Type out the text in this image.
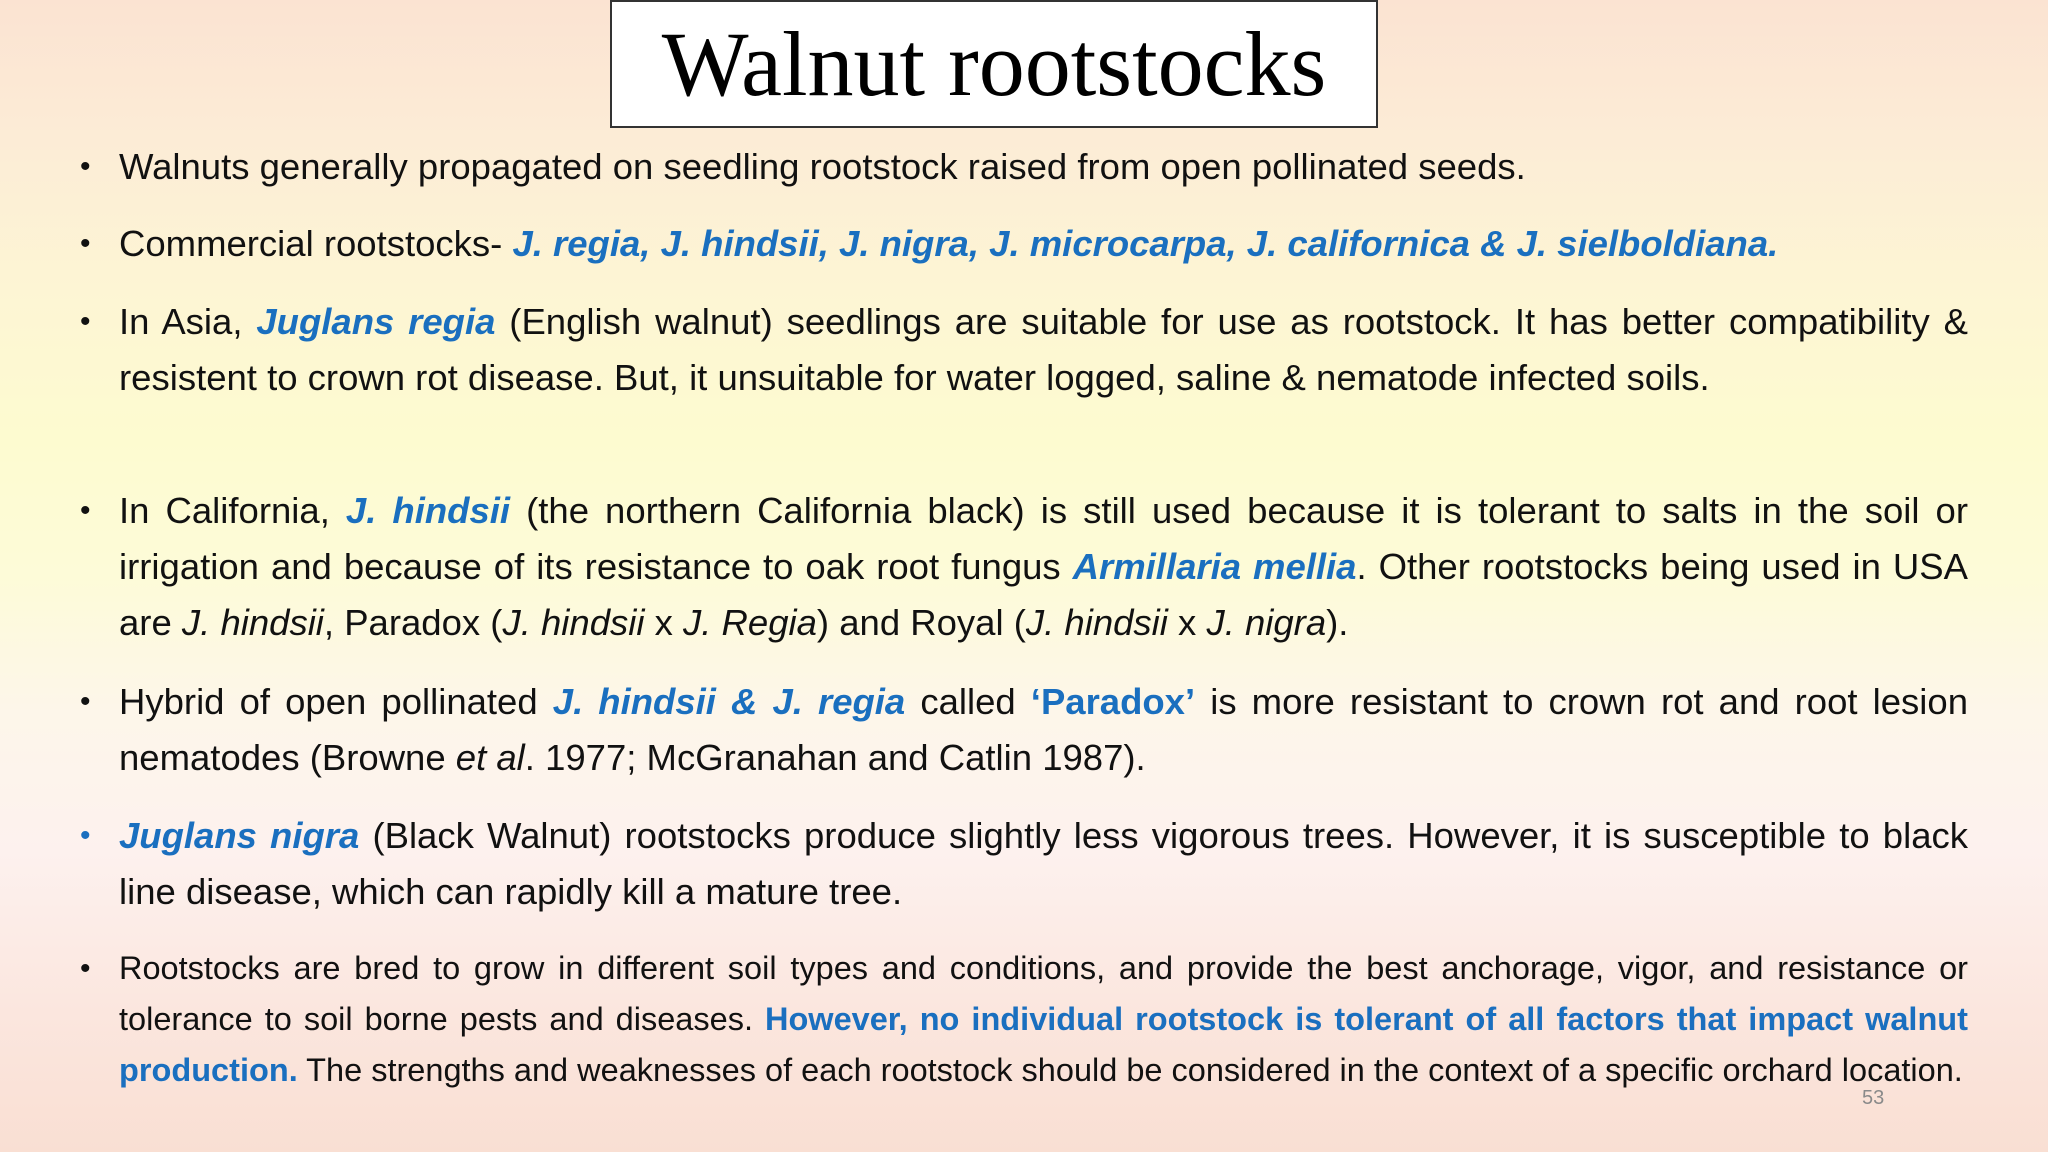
Walnut rootstocks
• Walnuts generally propagated on seedling rootstock raised from open pollinated seeds.
• Commercial rootstocks- J. regia, J. hindsii, J. nigra, J. microcarpa, J. californica & J. sielboldiana.
• In Asia, Juglans regia (English walnut) seedlings are suitable for use as rootstock. It has better compatibility & resistent to crown rot disease. But, it unsuitable for water logged, saline & nematode infected soils.
• In California, J. hindsii (the northern California black) is still used because it is tolerant to salts in the soil or irrigation and because of its resistance to oak root fungus Armillaria mellia. Other rootstocks being used in USA are J. hindsii, Paradox (J. hindsii x J. Regia) and Royal (J. hindsii x J. nigra).
• Hybrid of open pollinated J. hindsii & J. regia called ‘Paradox’ is more resistant to crown rot and root lesion nematodes (Browne et al. 1977; McGranahan and Catlin 1987).
• Juglans nigra (Black Walnut) rootstocks produce slightly less vigorous trees. However, it is susceptible to black line disease, which can rapidly kill a mature tree.
• Rootstocks are bred to grow in different soil types and conditions, and provide the best anchorage, vigor, and resistance or tolerance to soil borne pests and diseases. However, no individual rootstock is tolerant of all factors that impact walnut production. The strengths and weaknesses of each rootstock should be considered in the context of a specific orchard location.
53
